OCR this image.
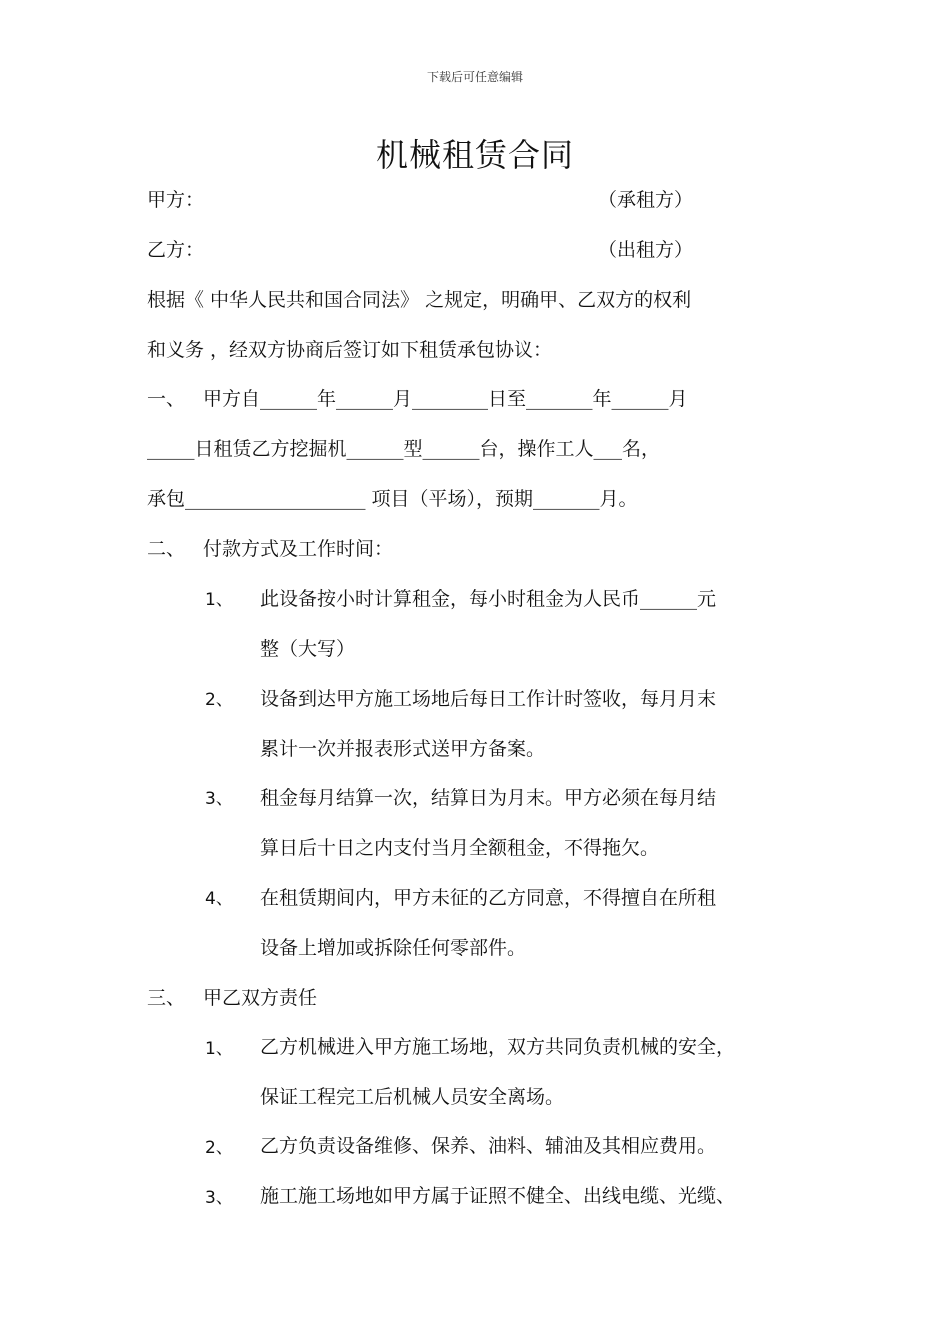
下载后可任意编辑
机械租赁合同
甲方：	（承租方）
乙方：	（出租方）
根据《 中华人民共和国合同法》 之规定，明确甲、乙双方的权利
和义务 ，经双方协商后签订如下租赁承包协议：
一、 甲方自______年______月________日至_______年______月
_____日租赁乙方挖掘机______型______台，操作工人___名，
承包___________________ 项目（平场），预期_______月。
二、 付款方式及工作时间：
1、 此设备按小时计算租金，每小时租金为人民币______元
整（大写）
2、 设备到达甲方施工场地后每日工作计时签收，每月月末
累计一次并报表形式送甲方备案。
3、 租金每月结算一次，结算日为月末。甲方必须在每月结
算日后十日之内支付当月全额租金，不得拖欠。
4、 在租赁期间内，甲方未征的乙方同意，不得擅自在所租
设备上增加或拆除任何零部件。
三、 甲乙双方责任
1、 乙方机械进入甲方施工场地，双方共同负责机械的安全，
保证工程完工后机械人员安全离场。
2、 乙方负责设备维修、保养、油料、辅油及其相应费用。
3、 施工施工场地如甲方属于证照不健全、出线电缆、光缆、
